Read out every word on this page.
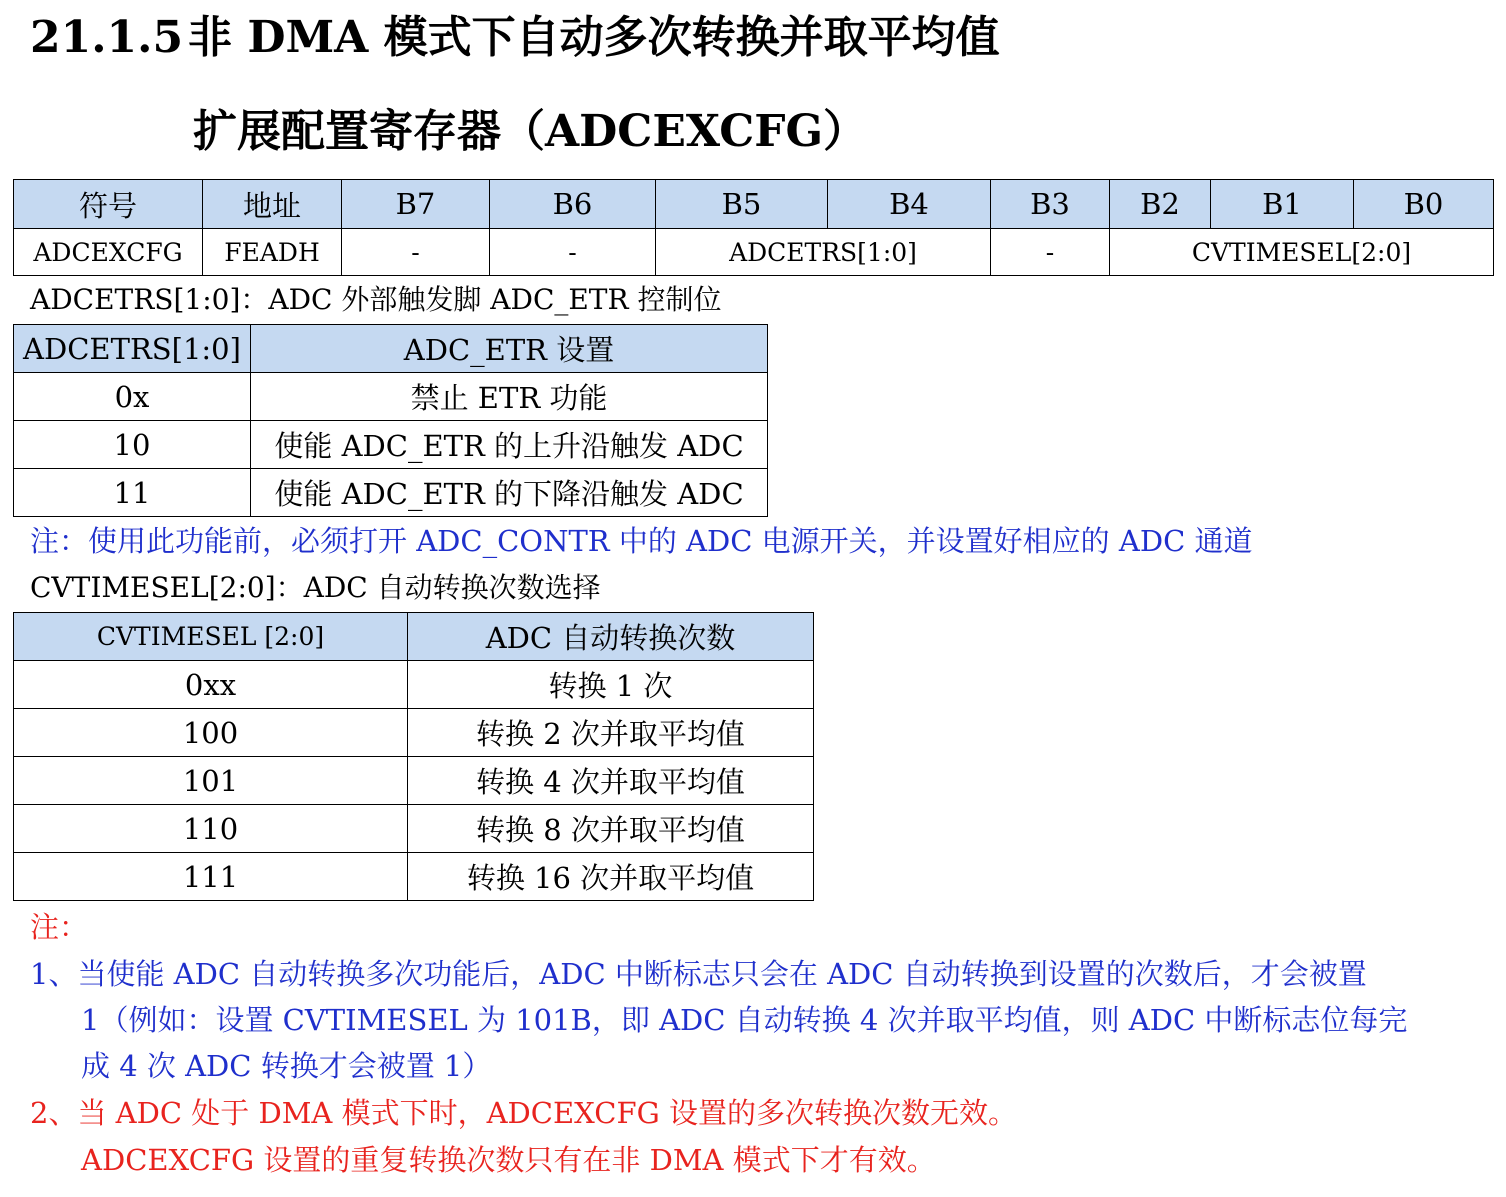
21.1.5 非 DMA 模式下自动多次转换并取平均值
扩展配置寄存器（ADCEXCFG）
符号	地址	B7	B6	B5	B4	B3	B2	B1	B0
ADCEXCFG	FEADH	-	-	ADCETRS[1:0]		-	CVTIMESEL[2:0]		
ADCETRS[1:0]：ADC 外部触发脚 ADC_ETR 控制位
ADCETRS[1:0]	ADC_ETR 设置
0x	禁止 ETR 功能
10	使能 ADC_ETR 的上升沿触发 ADC
11	使能 ADC_ETR 的下降沿触发 ADC
注：使用此功能前，必须打开 ADC_CONTR 中的 ADC 电源开关，并设置好相应的 ADC 通道
CVTIMESEL[2:0]：ADC 自动转换次数选择
CVTIMESEL [2:0]	ADC 自动转换次数
0xx	转换 1 次
100	转换 2 次并取平均值
101	转换 4 次并取平均值
110	转换 8 次并取平均值
111	转换 16 次并取平均值
注：
1、当使能 ADC 自动转换多次功能后，ADC 中断标志只会在 ADC 自动转换到设置的次数后，才会被置
1（例如：设置 CVTIMESEL 为 101B，即 ADC 自动转换 4 次并取平均值，则 ADC 中断标志位每完
成 4 次 ADC 转换才会被置 1）
2、当 ADC 处于 DMA 模式下时，ADCEXCFG 设置的多次转换次数无效。
ADCEXCFG 设置的重复转换次数只有在非 DMA 模式下才有效。
